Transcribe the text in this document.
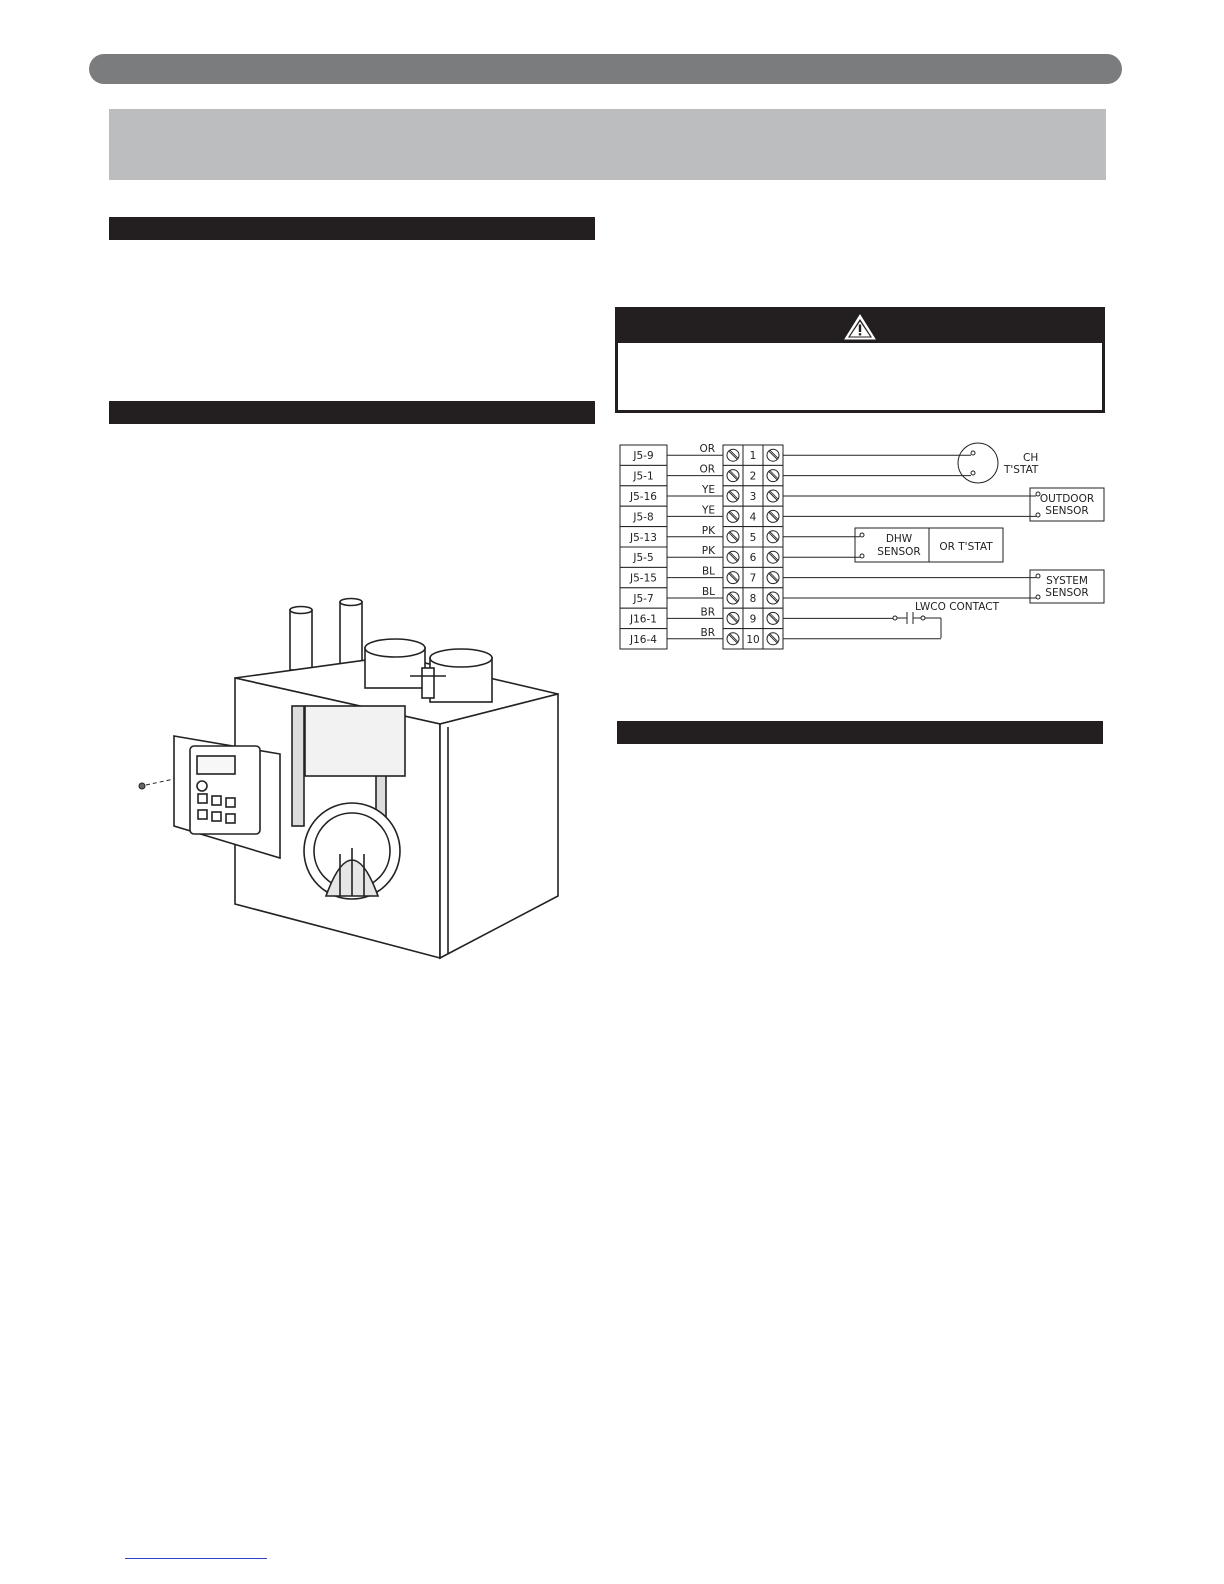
J5-9
OR
1
J5-1
OR
2
J5-16
YE
3
J5-8
YE
4
J5-13
PK
5
J5-5
PK
6
J5-15
BL
7
J5-7
BL
8
J16-1
BR
9
J16-4
BR
10
CH
T'STAT
OUTDOOR
SENSOR
DHW
SENSOR OR T'STAT
SYSTEM
SENSOR
LWCO CONTACT
